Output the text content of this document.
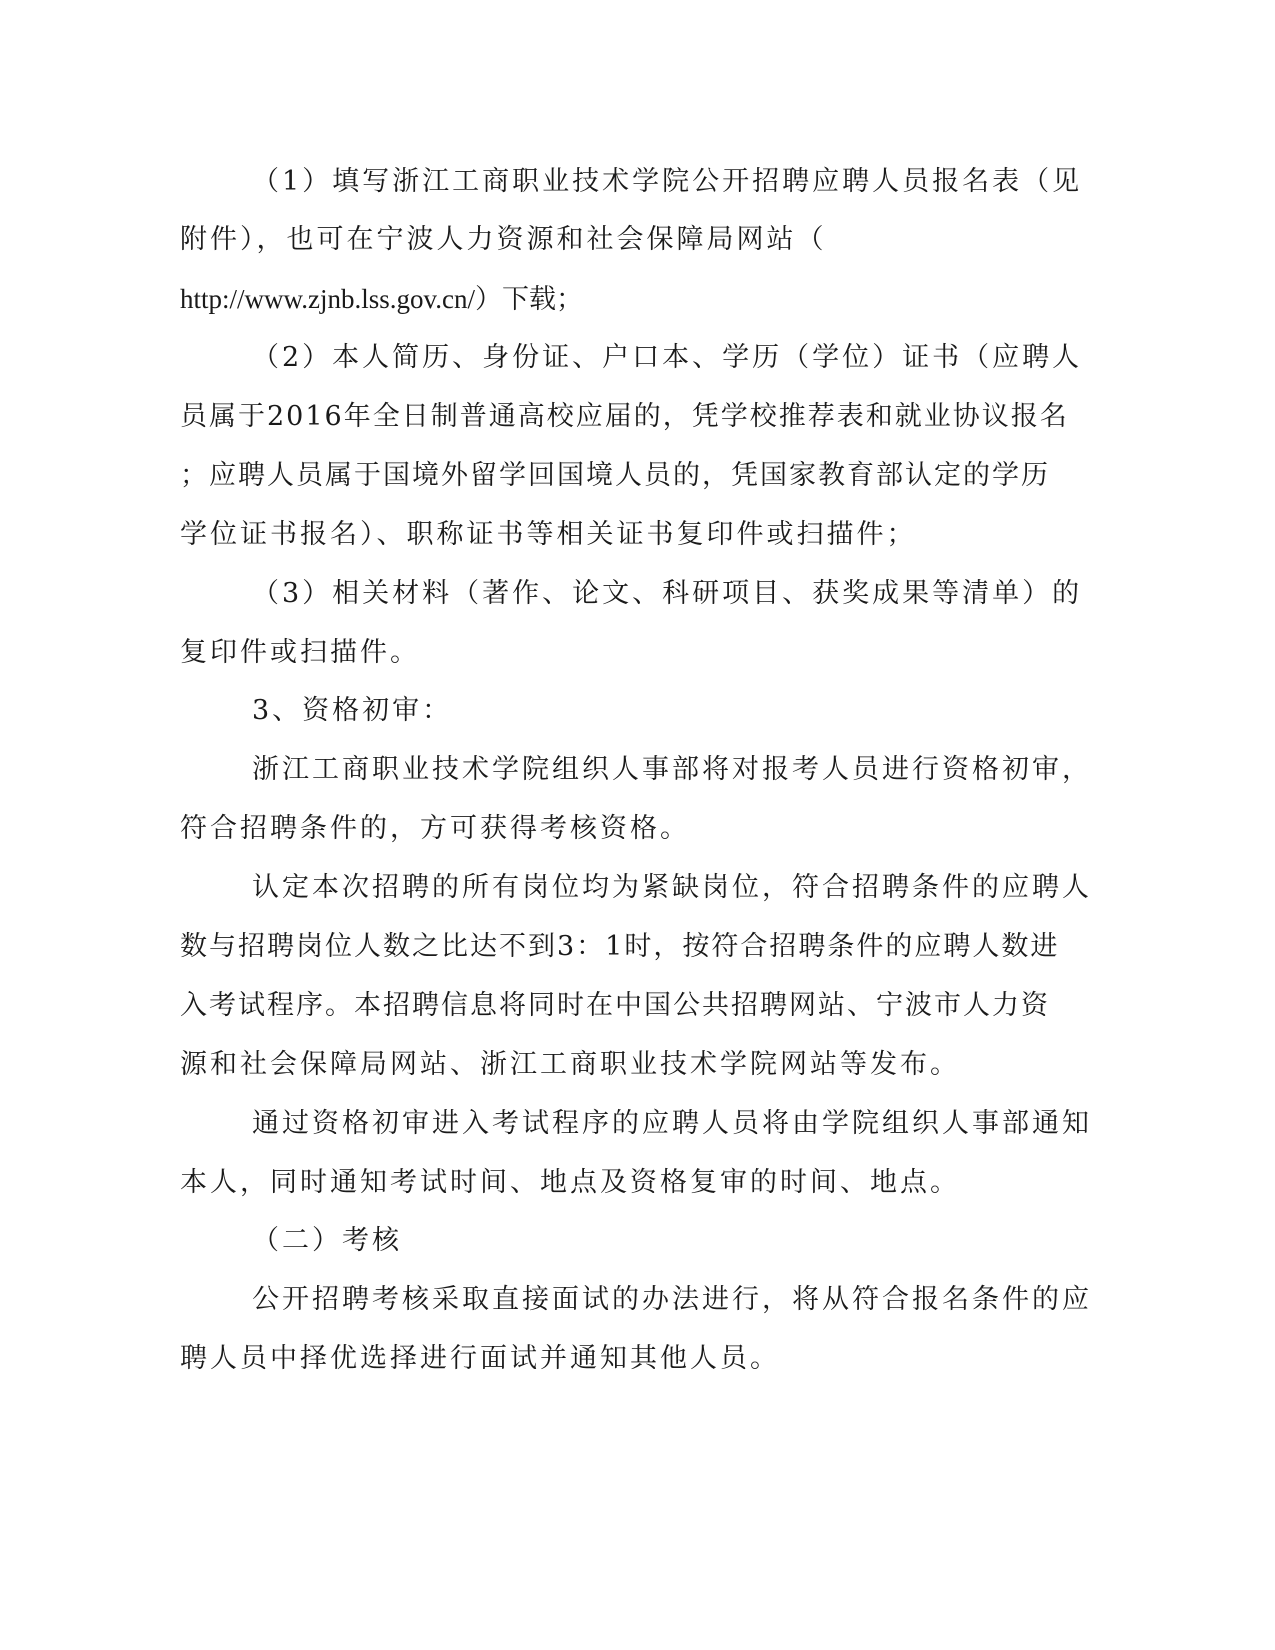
（1）填写浙江工商职业技术学院公开招聘应聘人员报名表（见
附件），也可在宁波人力资源和社会保障局网站（
http://www.zjnb.lss.gov.cn/）下载；
（2）本人简历、身份证、户口本、学历（学位）证书（应聘人
员属于2016年全日制普通高校应届的，凭学校推荐表和就业协议报名
；应聘人员属于国境外留学回国境人员的，凭国家教育部认定的学历
学位证书报名）、职称证书等相关证书复印件或扫描件；
（3）相关材料（著作、论文、科研项目、获奖成果等清单）的
复印件或扫描件。
3、资格初审：
浙江工商职业技术学院组织人事部将对报考人员进行资格初审，
符合招聘条件的，方可获得考核资格。
认定本次招聘的所有岗位均为紧缺岗位，符合招聘条件的应聘人
数与招聘岗位人数之比达不到3：1时，按符合招聘条件的应聘人数进
入考试程序。本招聘信息将同时在中国公共招聘网站、宁波市人力资
源和社会保障局网站、浙江工商职业技术学院网站等发布。
通过资格初审进入考试程序的应聘人员将由学院组织人事部通知
本人，同时通知考试时间、地点及资格复审的时间、地点。
（二）考核
公开招聘考核采取直接面试的办法进行，将从符合报名条件的应
聘人员中择优选择进行面试并通知其他人员。
